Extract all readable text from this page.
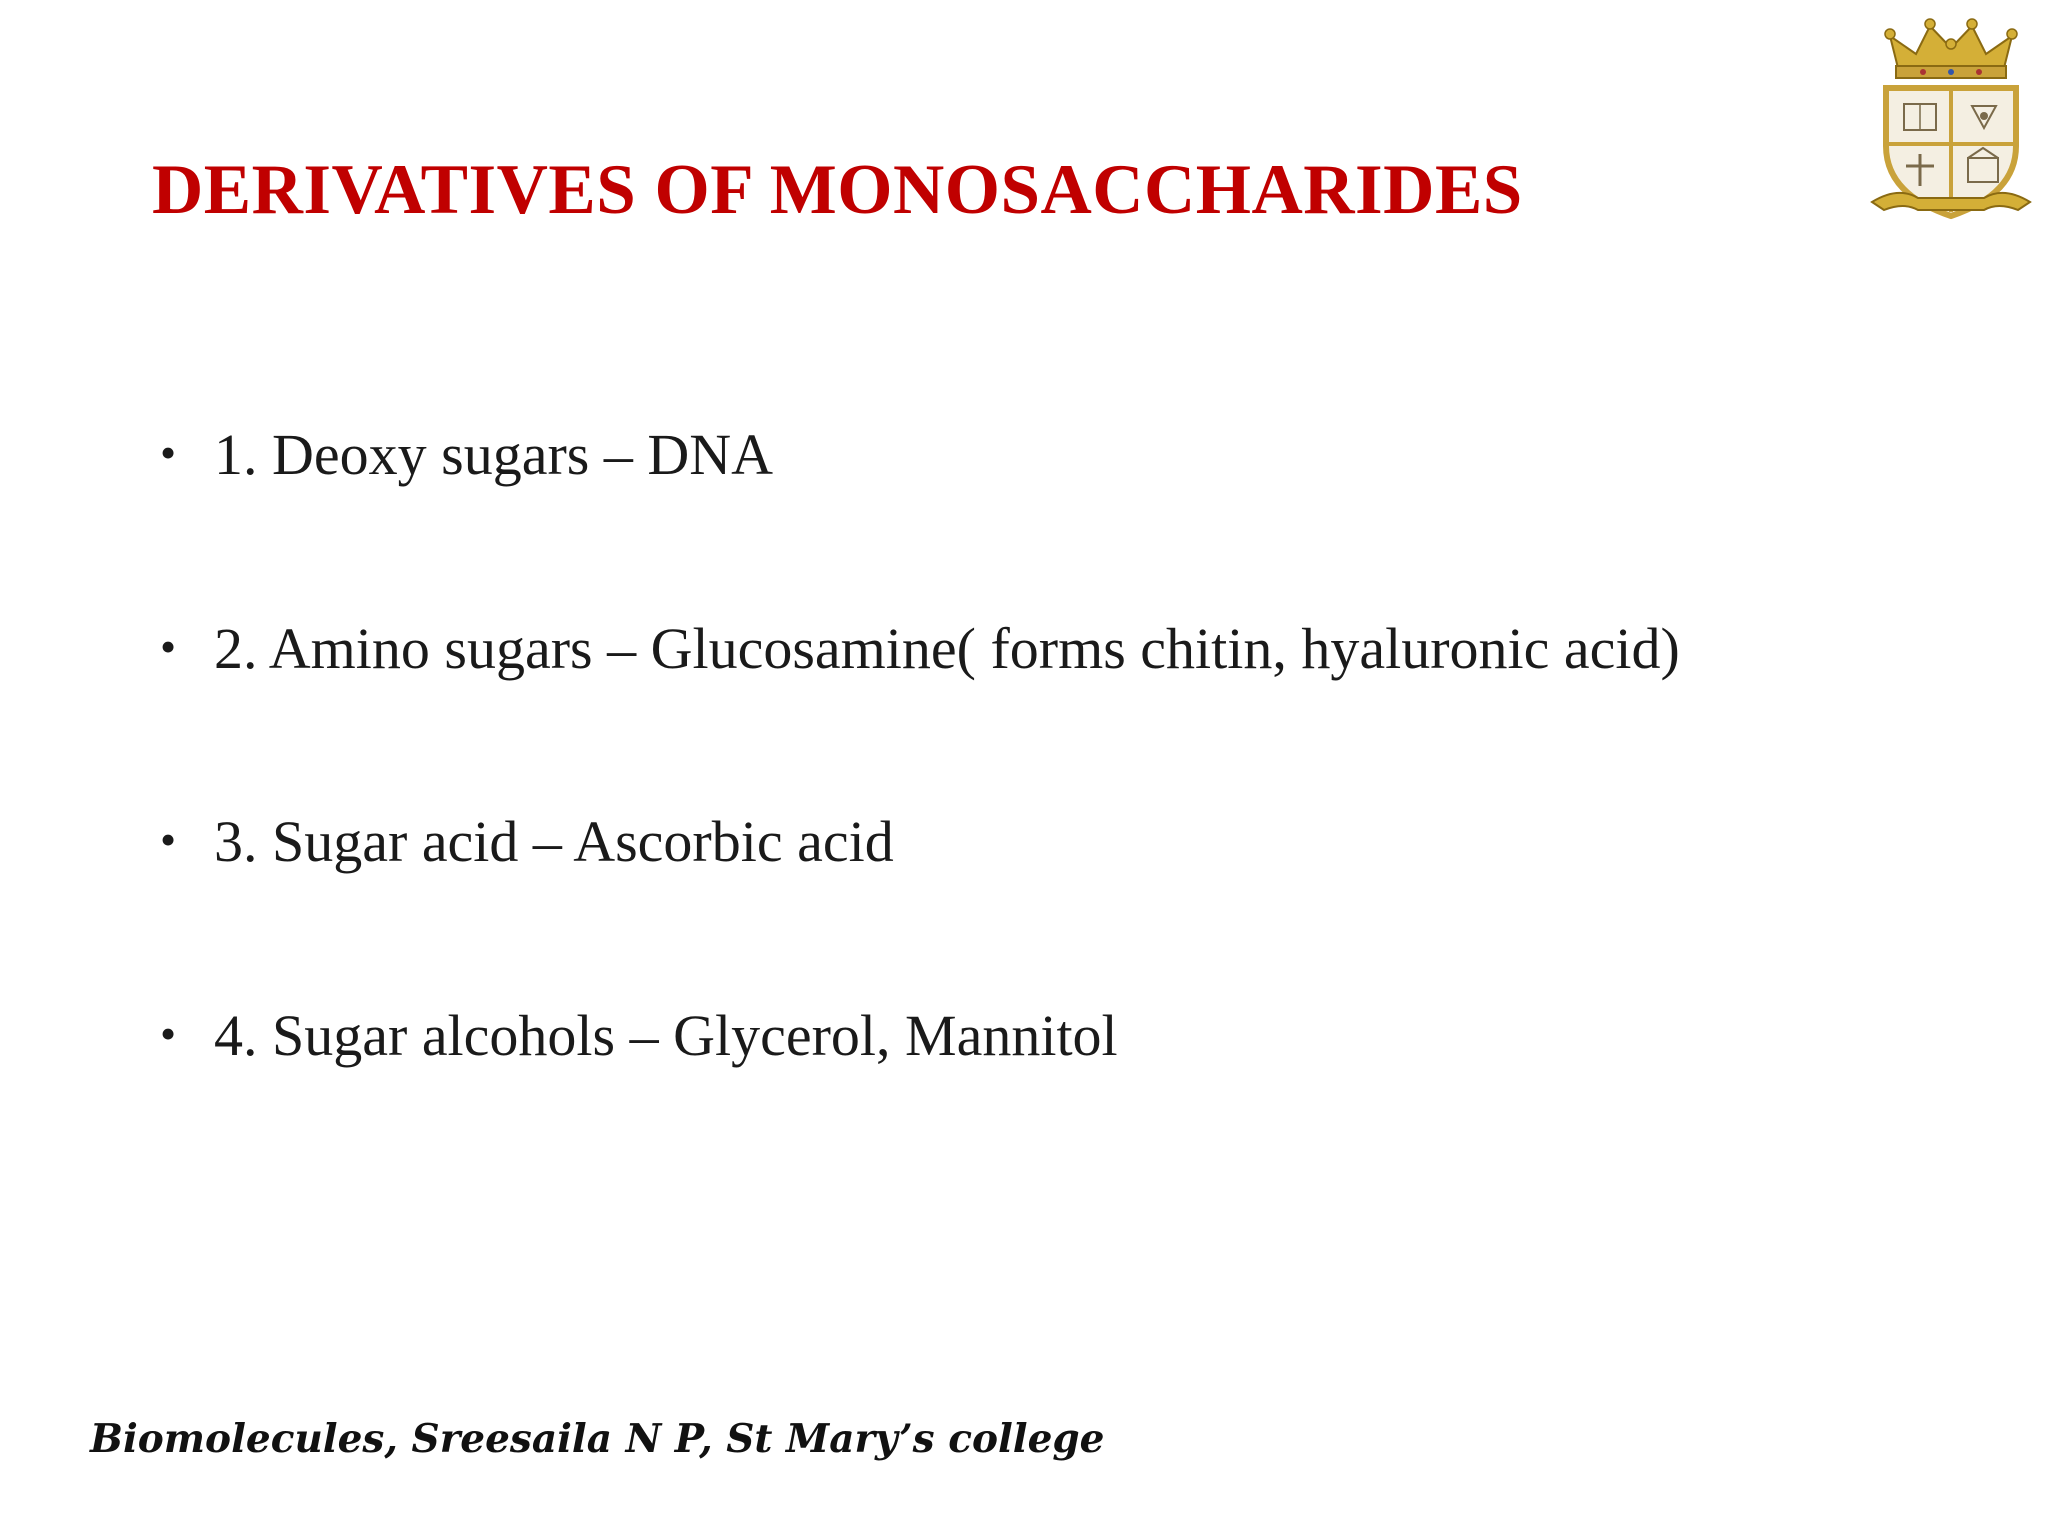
DERIVATIVES OF MONOSACCHARIDES
• 1. Deoxy sugars – DNA
• 2. Amino sugars – Glucosamine( forms chitin, hyaluronic acid)
• 3. Sugar acid – Ascorbic acid
• 4. Sugar alcohols – Glycerol, Mannitol
Biomolecules, Sreesaila N P, St Mary’s college
